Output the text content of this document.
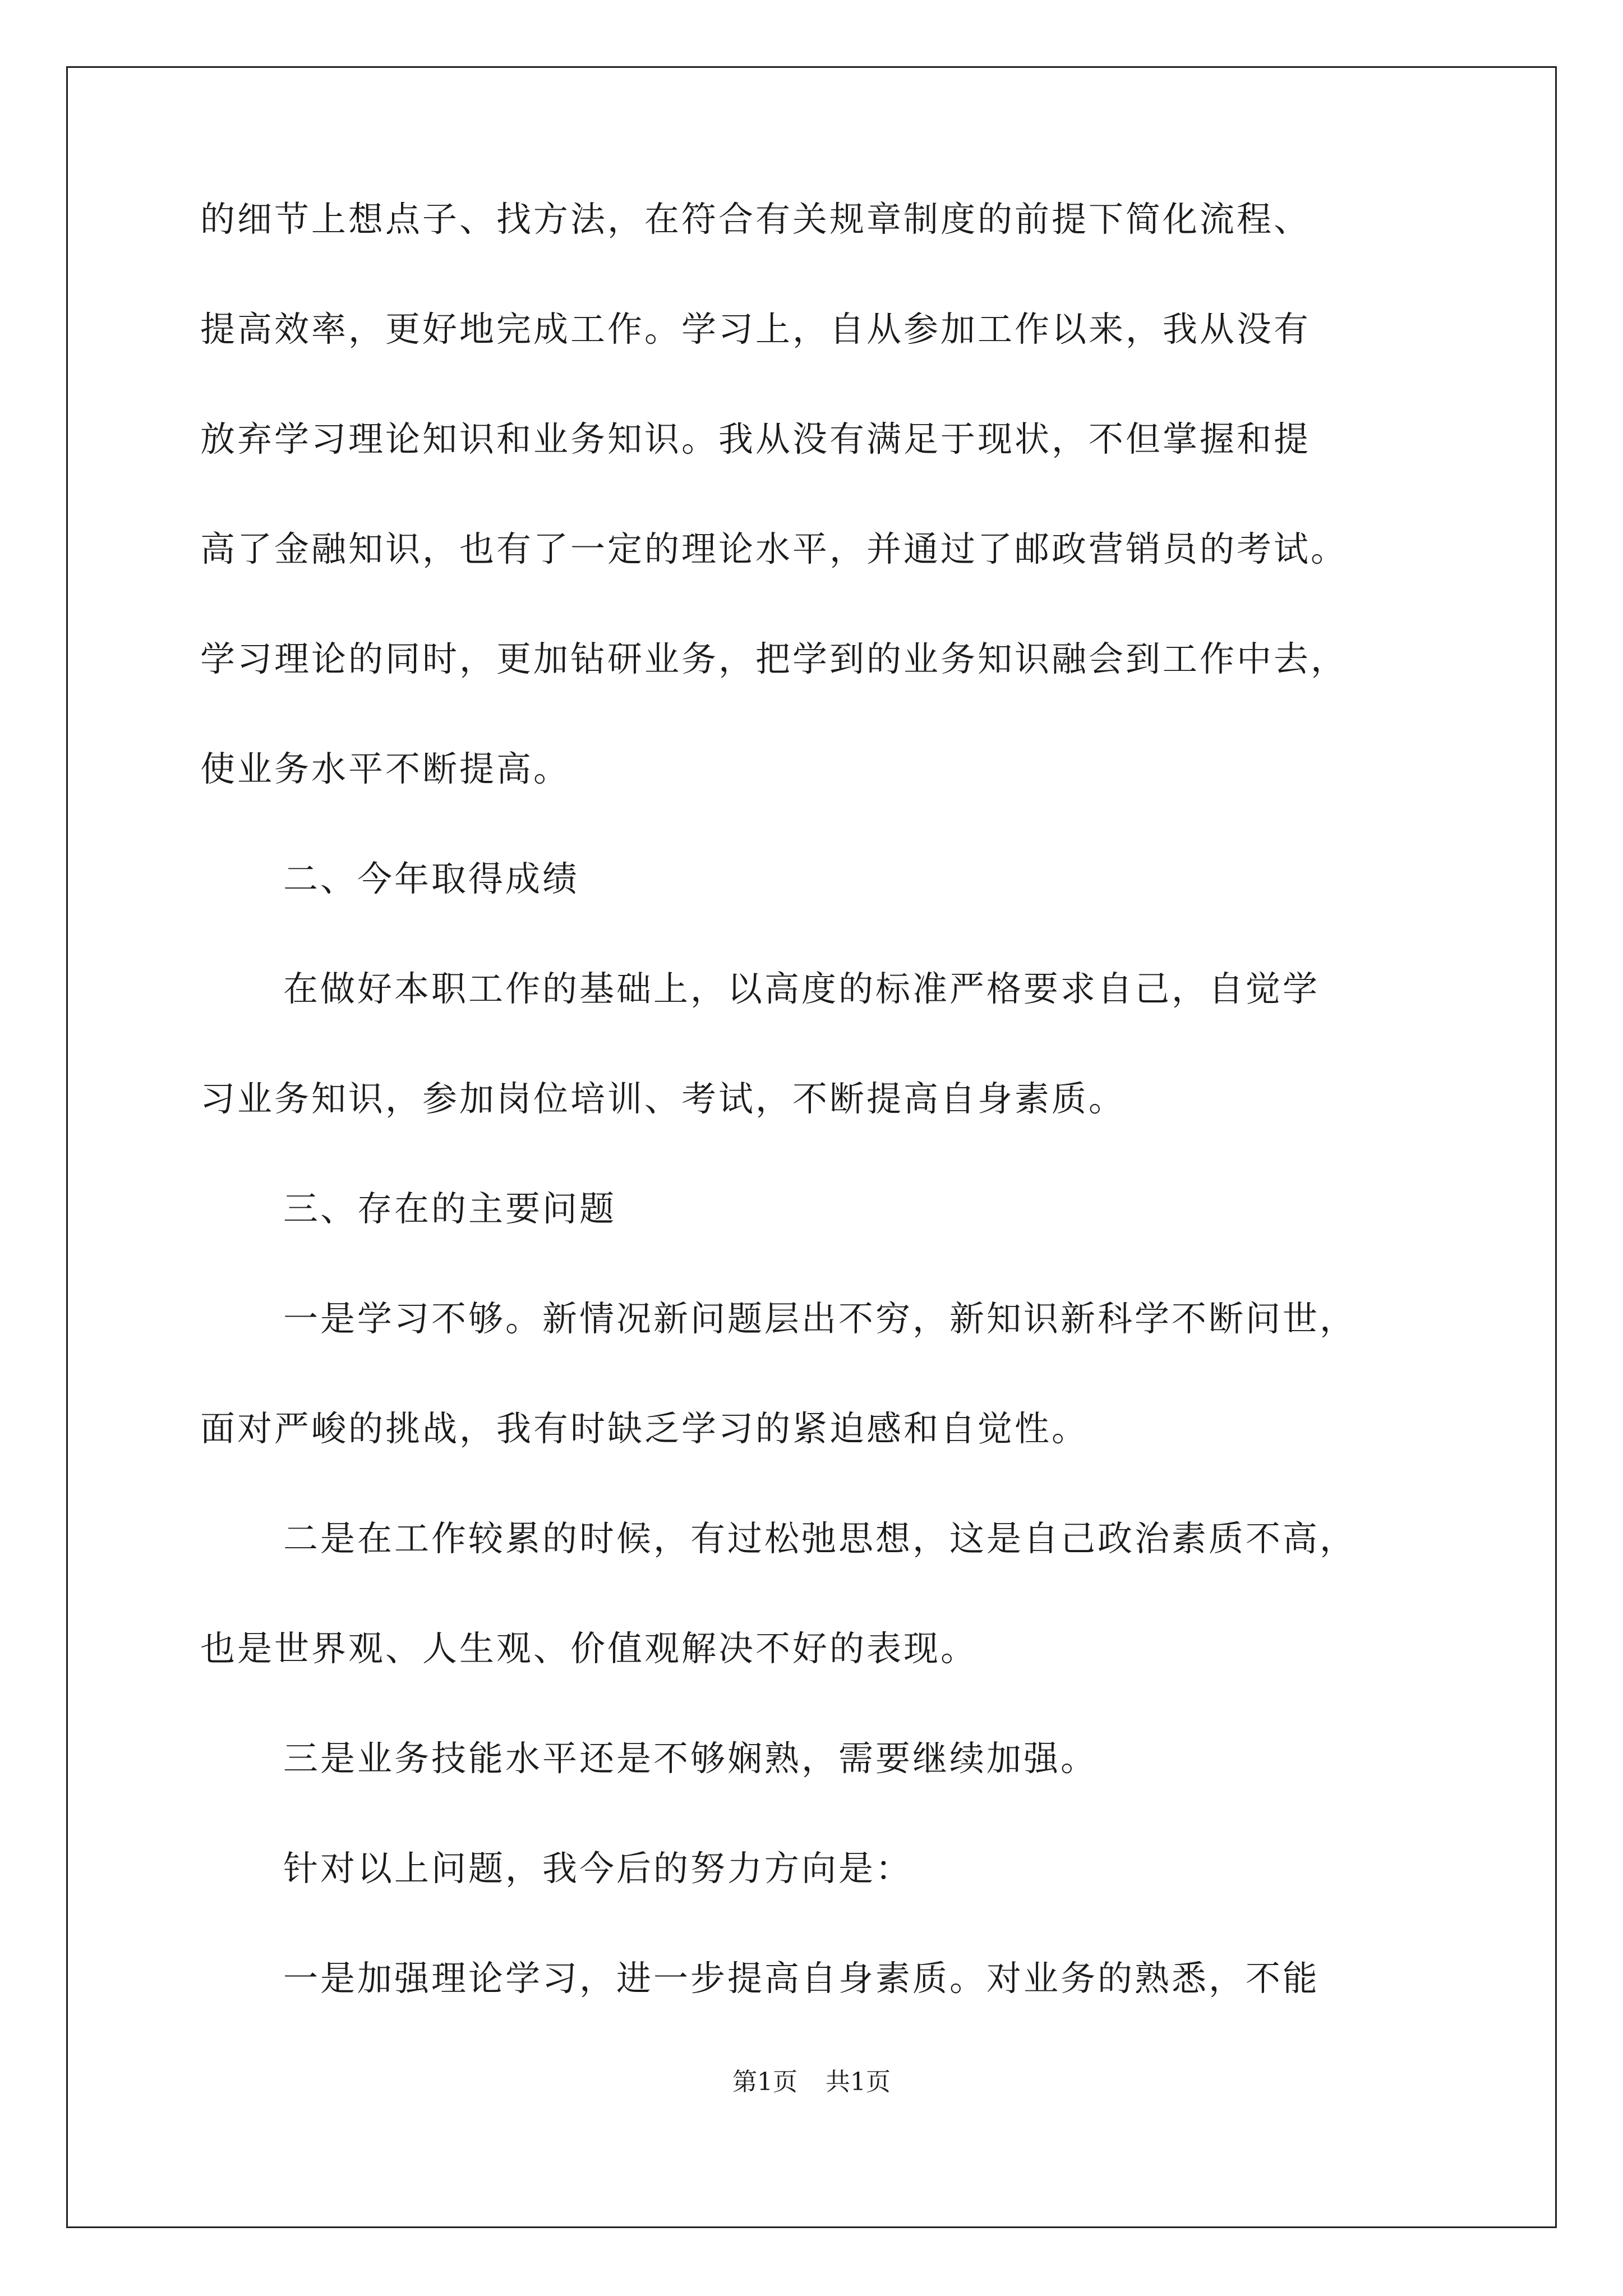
的细节上想点子、找方法，在符合有关规章制度的前提下简化流程、
提高效率，更好地完成工作。学习上，自从参加工作以来，我从没有
放弃学习理论知识和业务知识。我从没有满足于现状，不但掌握和提
高了金融知识，也有了一定的理论水平，并通过了邮政营销员的考试。
学习理论的同时，更加钻研业务，把学到的业务知识融会到工作中去，
使业务水平不断提高。
二、今年取得成绩
在做好本职工作的基础上，以高度的标准严格要求自己，自觉学
习业务知识，参加岗位培训、考试，不断提高自身素质。
三、存在的主要问题
一是学习不够。新情况新问题层出不穷，新知识新科学不断问世，
面对严峻的挑战，我有时缺乏学习的紧迫感和自觉性。
二是在工作较累的时候，有过松弛思想，这是自己政治素质不高，
也是世界观、人生观、价值观解决不好的表现。
三是业务技能水平还是不够娴熟，需要继续加强。
针对以上问题，我今后的努力方向是：
一是加强理论学习，进一步提高自身素质。对业务的熟悉，不能
第1页 共1页
